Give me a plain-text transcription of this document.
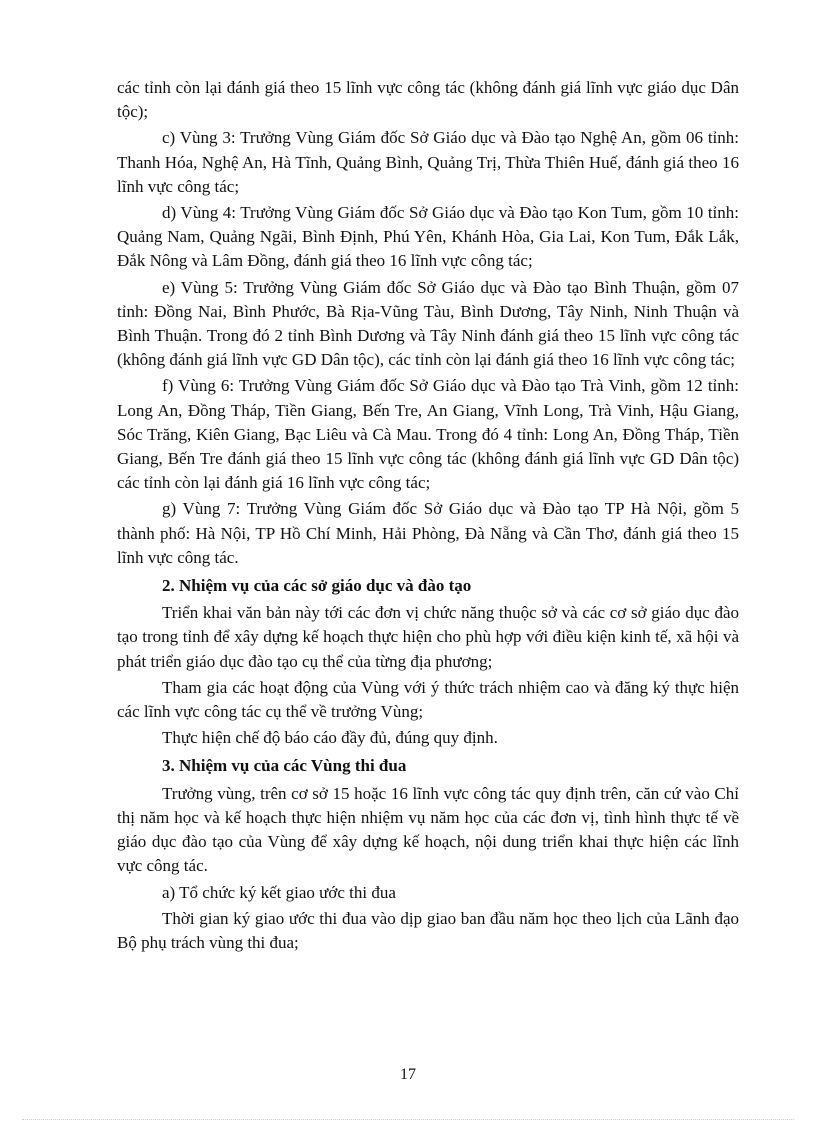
các tỉnh còn lại đánh giá theo 15 lĩnh vực công tác (không đánh giá lĩnh vực giáo dục Dân tộc);

c) Vùng 3: Trưởng Vùng Giám đốc Sở Giáo dục và Đào tạo Nghệ An, gồm 06 tỉnh: Thanh Hóa, Nghệ An, Hà Tĩnh, Quảng Bình, Quảng Trị, Thừa Thiên Huế, đánh giá theo 16 lĩnh vực công tác;

d) Vùng 4: Trưởng Vùng Giám đốc Sở Giáo dục và Đào tạo Kon Tum, gồm 10 tỉnh: Quảng Nam, Quảng Ngãi, Bình Định, Phú Yên, Khánh Hòa, Gia Lai, Kon Tum, Đắk Lắk, Đắk Nông và Lâm Đồng, đánh giá theo 16 lĩnh vực công tác;

e) Vùng 5: Trưởng Vùng Giám đốc Sở Giáo dục và Đào tạo Bình Thuận, gồm 07 tỉnh: Đồng Nai, Bình Phước, Bà Rịa-Vũng Tàu, Bình Dương, Tây Ninh, Ninh Thuận và Bình Thuận. Trong đó 2 tỉnh Bình Dương và Tây Ninh đánh giá theo 15 lĩnh vực công tác (không đánh giá lĩnh vực GD Dân tộc), các tỉnh còn lại đánh giá theo 16 lĩnh vực công tác;

f) Vùng 6: Trưởng Vùng Giám đốc Sở Giáo dục và Đào tạo Trà Vinh, gồm 12 tỉnh: Long An, Đồng Tháp, Tiền Giang, Bến Tre, An Giang, Vĩnh Long, Trà Vinh, Hậu Giang, Sóc Trăng, Kiên Giang, Bạc Liêu và Cà Mau. Trong đó 4 tỉnh: Long An, Đồng Tháp, Tiền Giang, Bến Tre đánh giá theo 15 lĩnh vực công tác (không đánh giá lĩnh vực GD Dân tộc) các tỉnh còn lại đánh giá 16 lĩnh vực công tác;

g) Vùng 7: Trưởng Vùng Giám đốc Sở Giáo dục và Đào tạo TP Hà Nội, gồm 5 thành phố: Hà Nội, TP Hồ Chí Minh, Hải Phòng, Đà Nẵng và Cần Thơ, đánh giá theo 15 lĩnh vực công tác.

2. Nhiệm vụ của các sở giáo dục và đào tạo

Triển khai văn bản này tới các đơn vị chức năng thuộc sở và các cơ sở giáo dục đào tạo trong tỉnh để xây dựng kế hoạch thực hiện cho phù hợp với điều kiện kinh tế, xã hội và phát triển giáo dục đào tạo cụ thể của từng địa phương;

Tham gia các hoạt động của Vùng với ý thức trách nhiệm cao và đăng ký thực hiện các lĩnh vực công tác cụ thể về trưởng Vùng;

Thực hiện chế độ báo cáo đầy đủ, đúng quy định.

3. Nhiệm vụ của các Vùng thi đua

Trưởng vùng, trên cơ sở 15 hoặc 16 lĩnh vực công tác quy định trên, căn cứ vào Chỉ thị năm học và kế hoạch thực hiện nhiệm vụ năm học của các đơn vị, tình hình thực tế về giáo dục đào tạo của Vùng để xây dựng kế hoạch, nội dung triển khai thực hiện các lĩnh vực công tác.

a) Tổ chức ký kết giao ước thi đua

Thời gian ký giao ước thi đua vào dịp giao ban đầu năm học theo lịch của Lãnh đạo Bộ phụ trách vùng thi đua;

17
